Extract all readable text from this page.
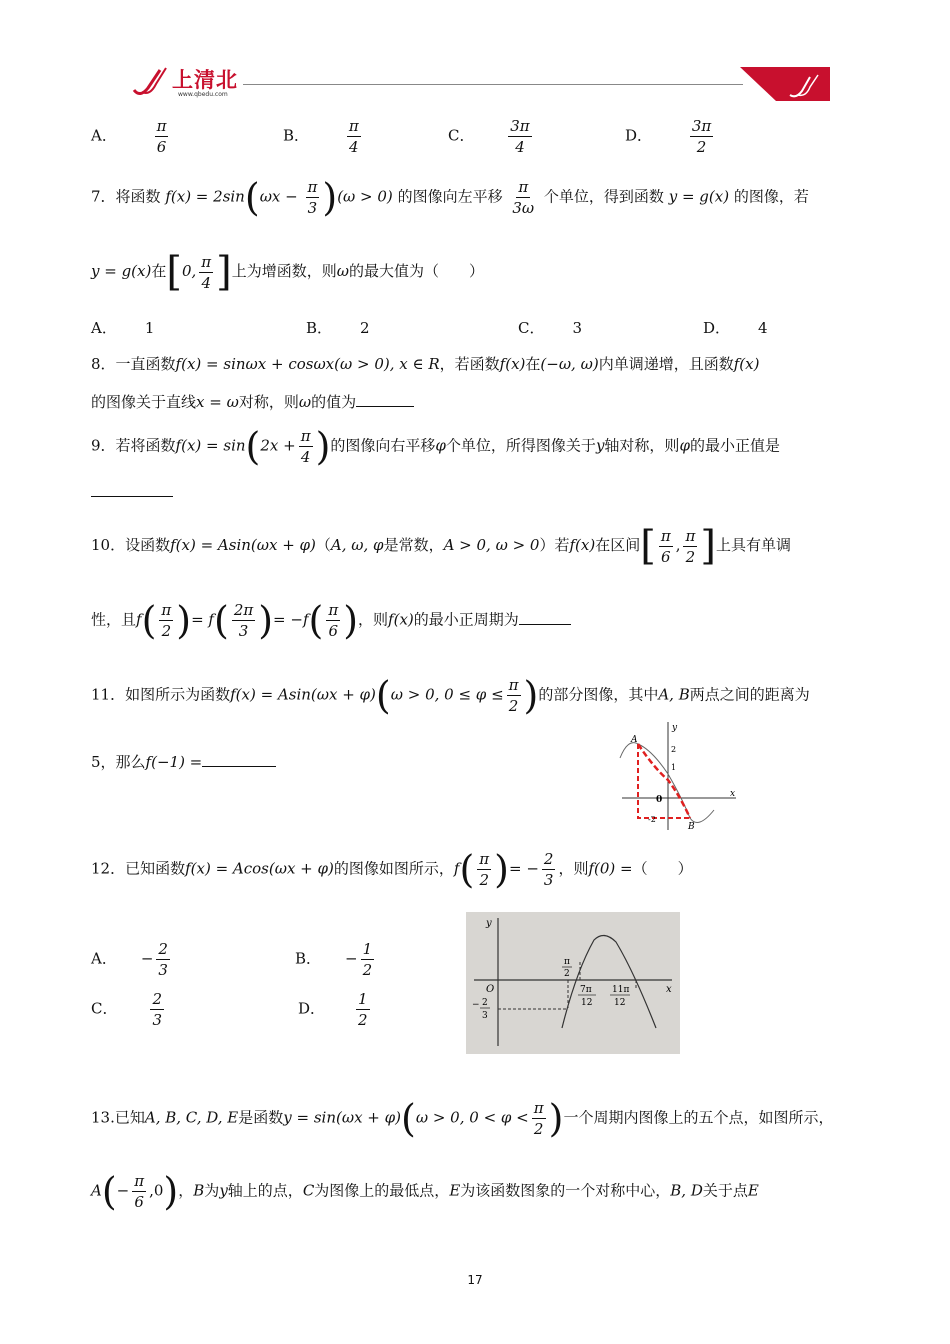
上清北
www.qbedu.com
A．	$\frac{\pi}{6}$	B．	$\frac{\pi}{4}$	C． $\frac{3\pi}{4}$	D．	$\frac{3\pi}{2}$
7．将函数 $f(x) = 2\sin(\omega x - \frac{\pi}{3} )(\omega > 0)$ 的图像向左平移 $\frac{\pi}{3\omega}$ 个单位，得到函数 y = g(x) 的图像，若
y = g(x)在[0, $\frac{\pi}{4}$ ]上为增函数，则ω的最大值为（　　）
A． 1	B． 2	C． 3	D． 4
8．一直函数f(x) = sinωx + cosωx(ω > 0), x ∈ R，若函数f(x)在(−ω, ω)内单调递增，且函数f(x)
的图像关于直线x = ω对称，则ω的值为
9．若将函数$f(x) = \sin(2x + \frac{\pi}{4}$ )的图像向右平移φ个单位，所得图像关于y轴对称，则φ的最小正值是
10．设函数f(x) = Asin(ωx + φ)（A, ω, φ是常数，A > 0, ω > 0）若f(x)在区间[ $\frac{\pi}{6}$ , $\frac{\pi}{2}$ ]上具有单调
性，且$f( \frac{\pi}{2}$ )= $f( \frac{2\pi}{3}$ )= $-f( \frac{\pi}{6}$ )，则f(x)的最小正周期为
11．如图所示为函数f(x) = Asin(ωx + φ)(ω > 0, $0 \le \varphi \le \frac{\pi}{2}$ )的部分图像，其中A, B两点之间的距离为
5，那么f(−1) =
y
x
0
A
B
2
1
-2
12．已知函数f(x) = Acos(ωx + φ)的图像如图所示，$f( \frac{\pi}{2}$ )= − $\frac{2}{3}$ ，则f(0) =（　　）
A． − $\frac{2}{3}$	B． − $\frac{1}{2}$
C． $\frac{2}{3}$	D． $\frac{1}{2}$
y
x
O
π
2
− 2
3
7π
12
11π
12
13.已知A, B, C, D, E是函数y = sin(ωx + φ)(ω > 0, $0 < \varphi < \frac{\pi}{2}$ )一个周期内图像上的五个点，如图所示，
$A(- \frac{\pi}{6} ,0)$，B为y轴上的点，C为图像上的最低点，E为该函数图象的一个对称中心，B, D关于点E
17
